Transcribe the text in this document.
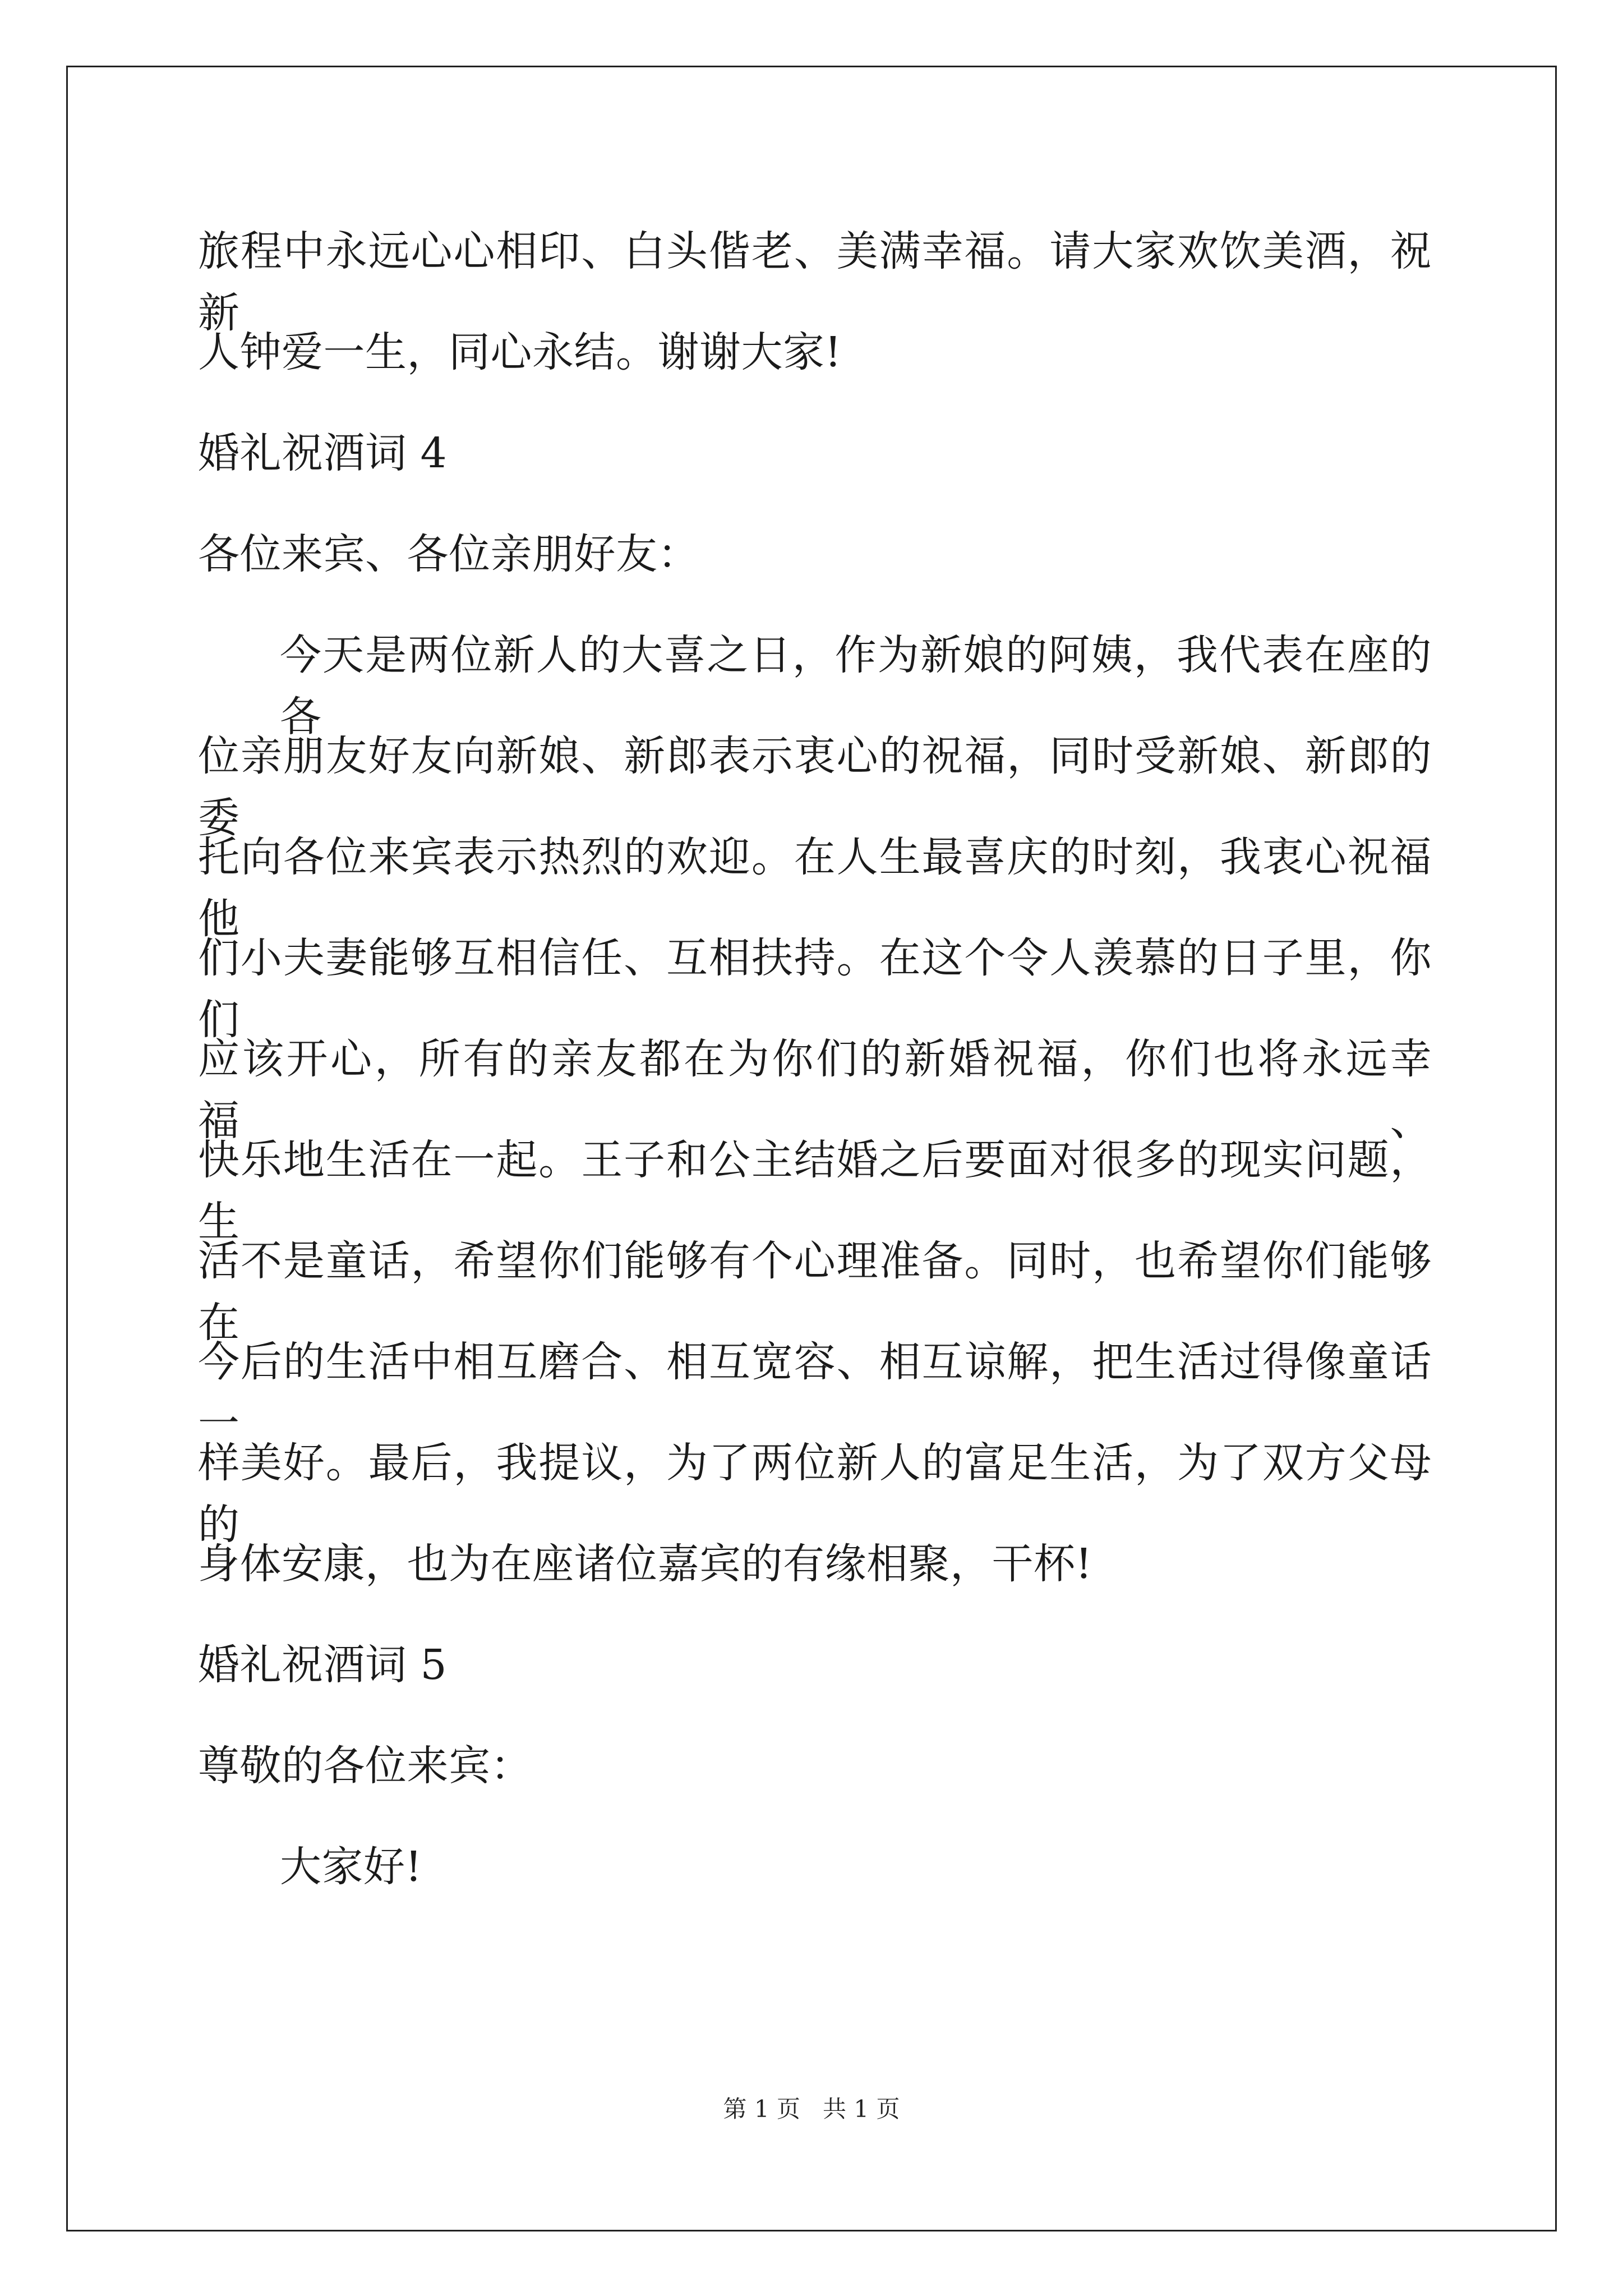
旅程中永远心心相印、白头偕老、美满幸福。请大家欢饮美酒，祝新
人钟爱一生，同心永结。谢谢大家!
婚礼祝酒词 4
各位来宾、各位亲朋好友：
今天是两位新人的大喜之日，作为新娘的阿姨，我代表在座的各
位亲朋友好友向新娘、新郎表示衷心的祝福，同时受新娘、新郎的委
托向各位来宾表示热烈的欢迎。在人生最喜庆的时刻，我衷心祝福他
们小夫妻能够互相信任、互相扶持。在这个令人羡慕的日子里，你们
应该开心，所有的亲友都在为你们的新婚祝福，你们也将永远幸福、
快乐地生活在一起。王子和公主结婚之后要面对很多的现实问题，生
活不是童话，希望你们能够有个心理准备。同时，也希望你们能够在
今后的生活中相互磨合、相互宽容、相互谅解，把生活过得像童话一
样美好。最后，我提议，为了两位新人的富足生活，为了双方父母的
身体安康，也为在座诸位嘉宾的有缘相聚，干杯!
婚礼祝酒词 5
尊敬的各位来宾：
大家好!
第 1 页   共 1 页
